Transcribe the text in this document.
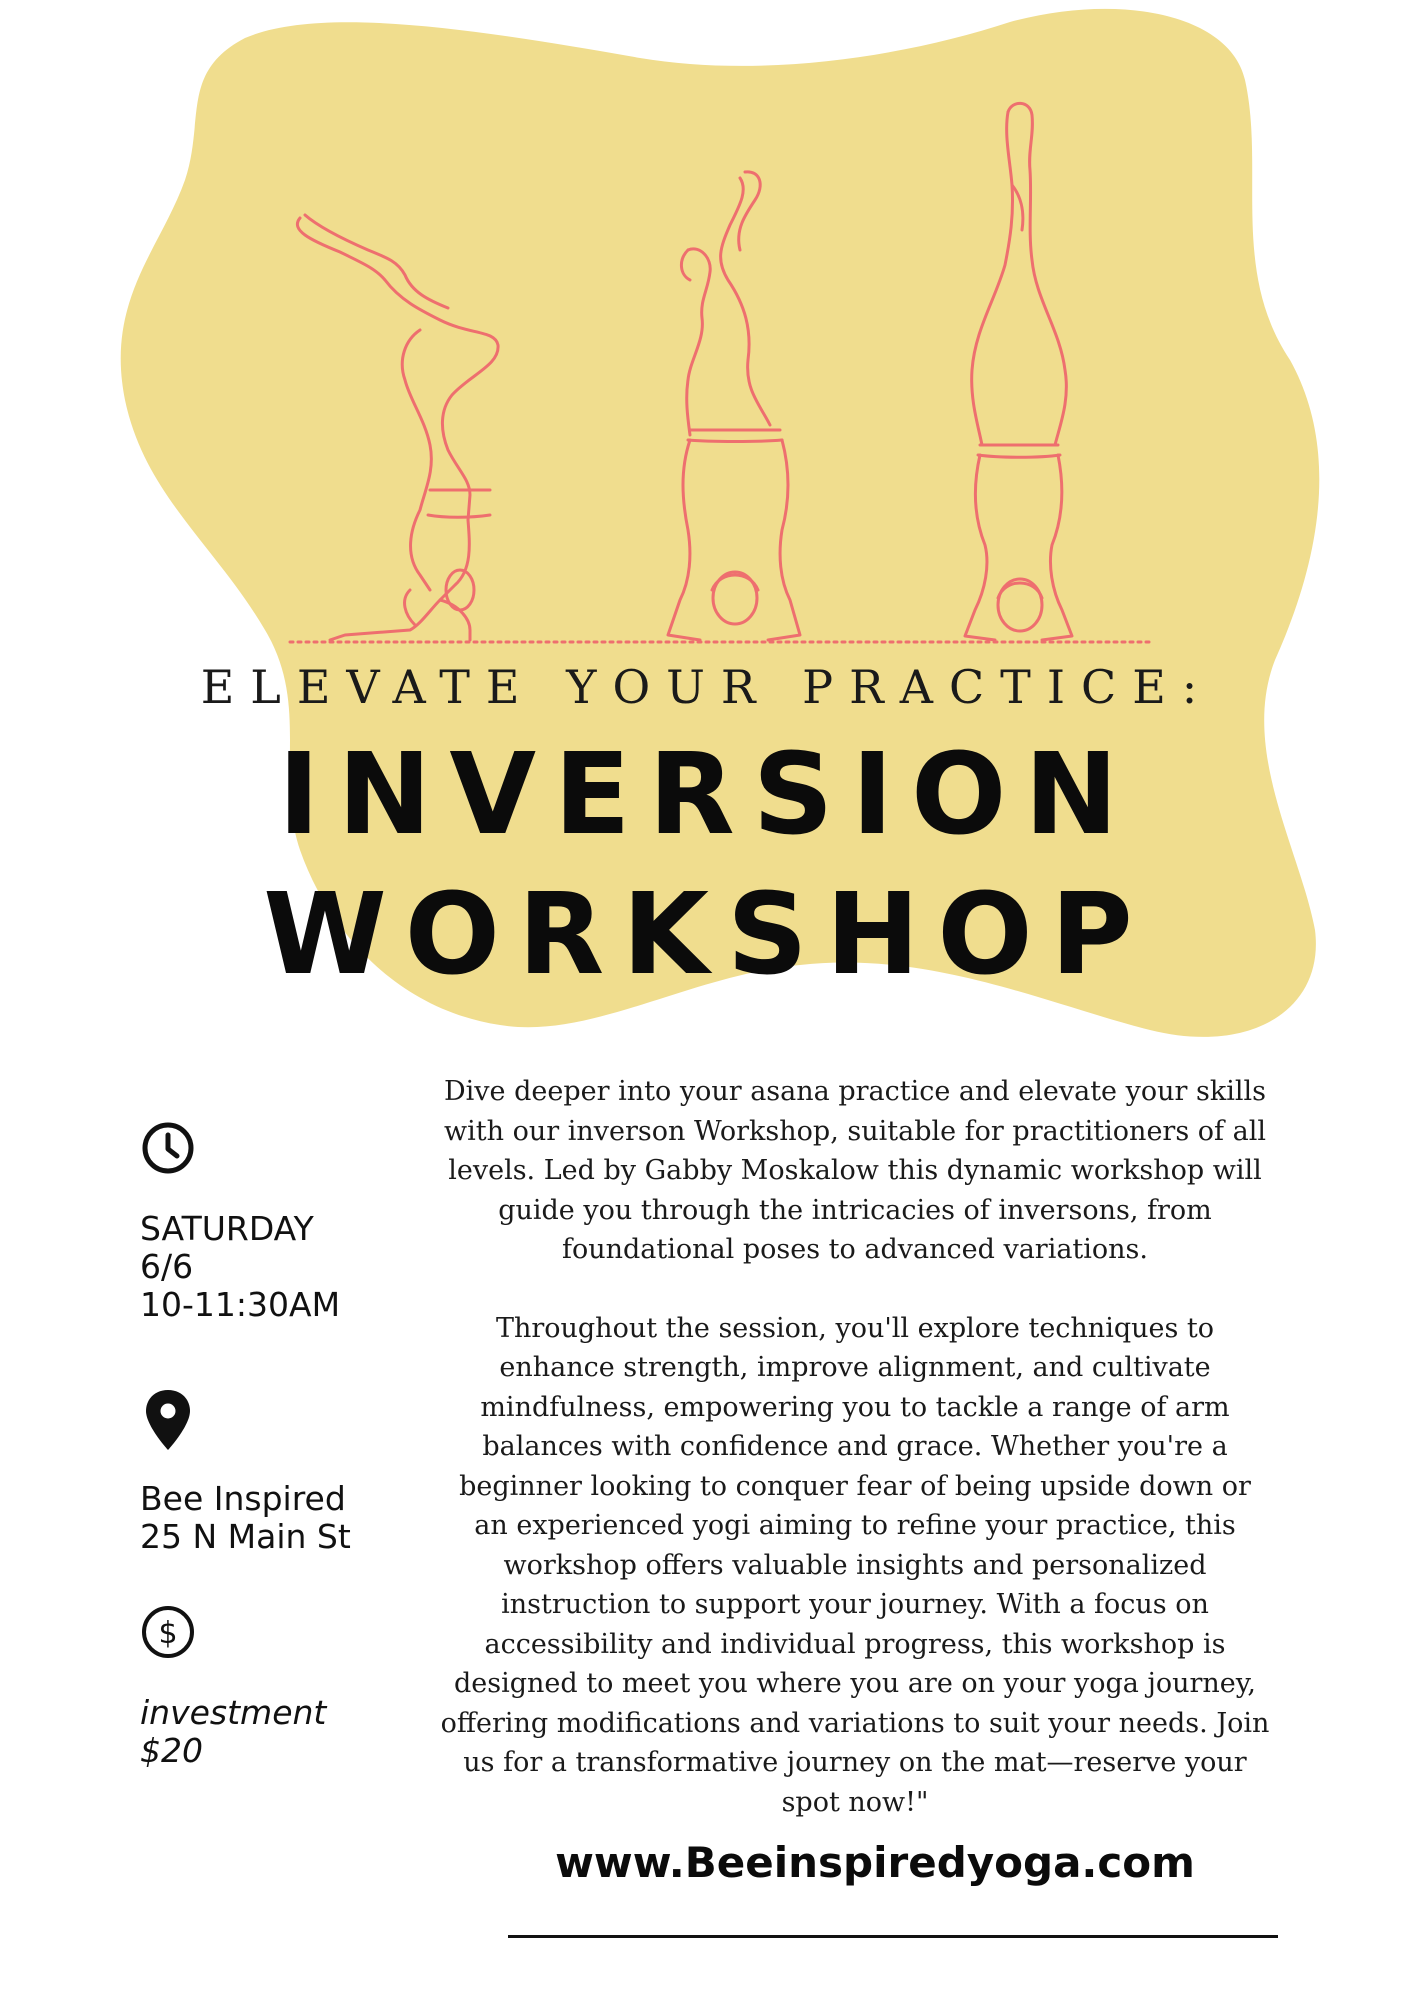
ELEVATE YOUR PRACTICE:
INVERSION
WORKSHOP
SATURDAY
6/6
10-11:30AM
Bee Inspired
25 N Main St
$
investment
$20

Dive deeper into your asana practice and elevate your skills with our inverson Workshop, suitable for practitioners of all levels. Led by Gabby Moskalow this dynamic workshop will guide you through the intricacies of inversons, from foundational poses to advanced variations.

Throughout the session, you'll explore techniques to enhance strength, improve alignment, and cultivate mindfulness, empowering you to tackle a range of arm balances with confidence and grace. Whether you're a beginner looking to conquer fear of being upside down or an experienced yogi aiming to refine your practice, this workshop offers valuable insights and personalized instruction to support your journey. With a focus on accessibility and individual progress, this workshop is designed to meet you where you are on your yoga journey, offering modifications and variations to suit your needs. Join us for a transformative journey on the mat—reserve your spot now!"

www.Beeinspiredyoga.com
